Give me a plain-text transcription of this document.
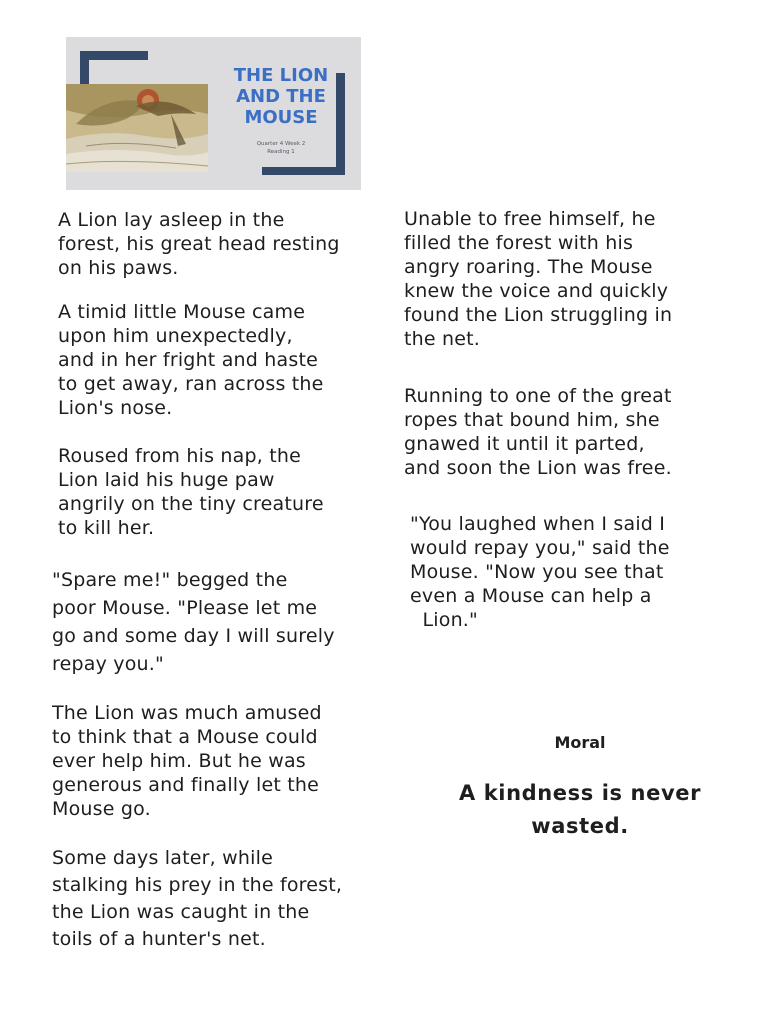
THE LION
AND THE
MOUSE
Quarter 4 Week 2
Reading 1

A Lion lay asleep in the
forest, his great head resting
on his paws.

A timid little Mouse came
upon him unexpectedly,
and in her fright and haste
to get away, ran across the
Lion's nose.

Roused from his nap, the
Lion laid his huge paw
angrily on the tiny creature
to kill her.

"Spare me!" begged the
poor Mouse. "Please let me
go and some day I will surely
repay you."

The Lion was much amused
to think that a Mouse could
ever help him. But he was
generous and finally let the
Mouse go.

Some days later, while
stalking his prey in the forest,
the Lion was caught in the
toils of a hunter's net.

Unable to free himself, he
filled the forest with his
angry roaring. The Mouse
knew the voice and quickly
found the Lion struggling in
the net.

Running to one of the great
ropes that bound him, she
gnawed it until it parted,
and soon the Lion was free.

"You laughed when I said I
would repay you," said the
Mouse. "Now you see that
even a Mouse can help a
Lion."

Moral
A kindness is never
wasted.
